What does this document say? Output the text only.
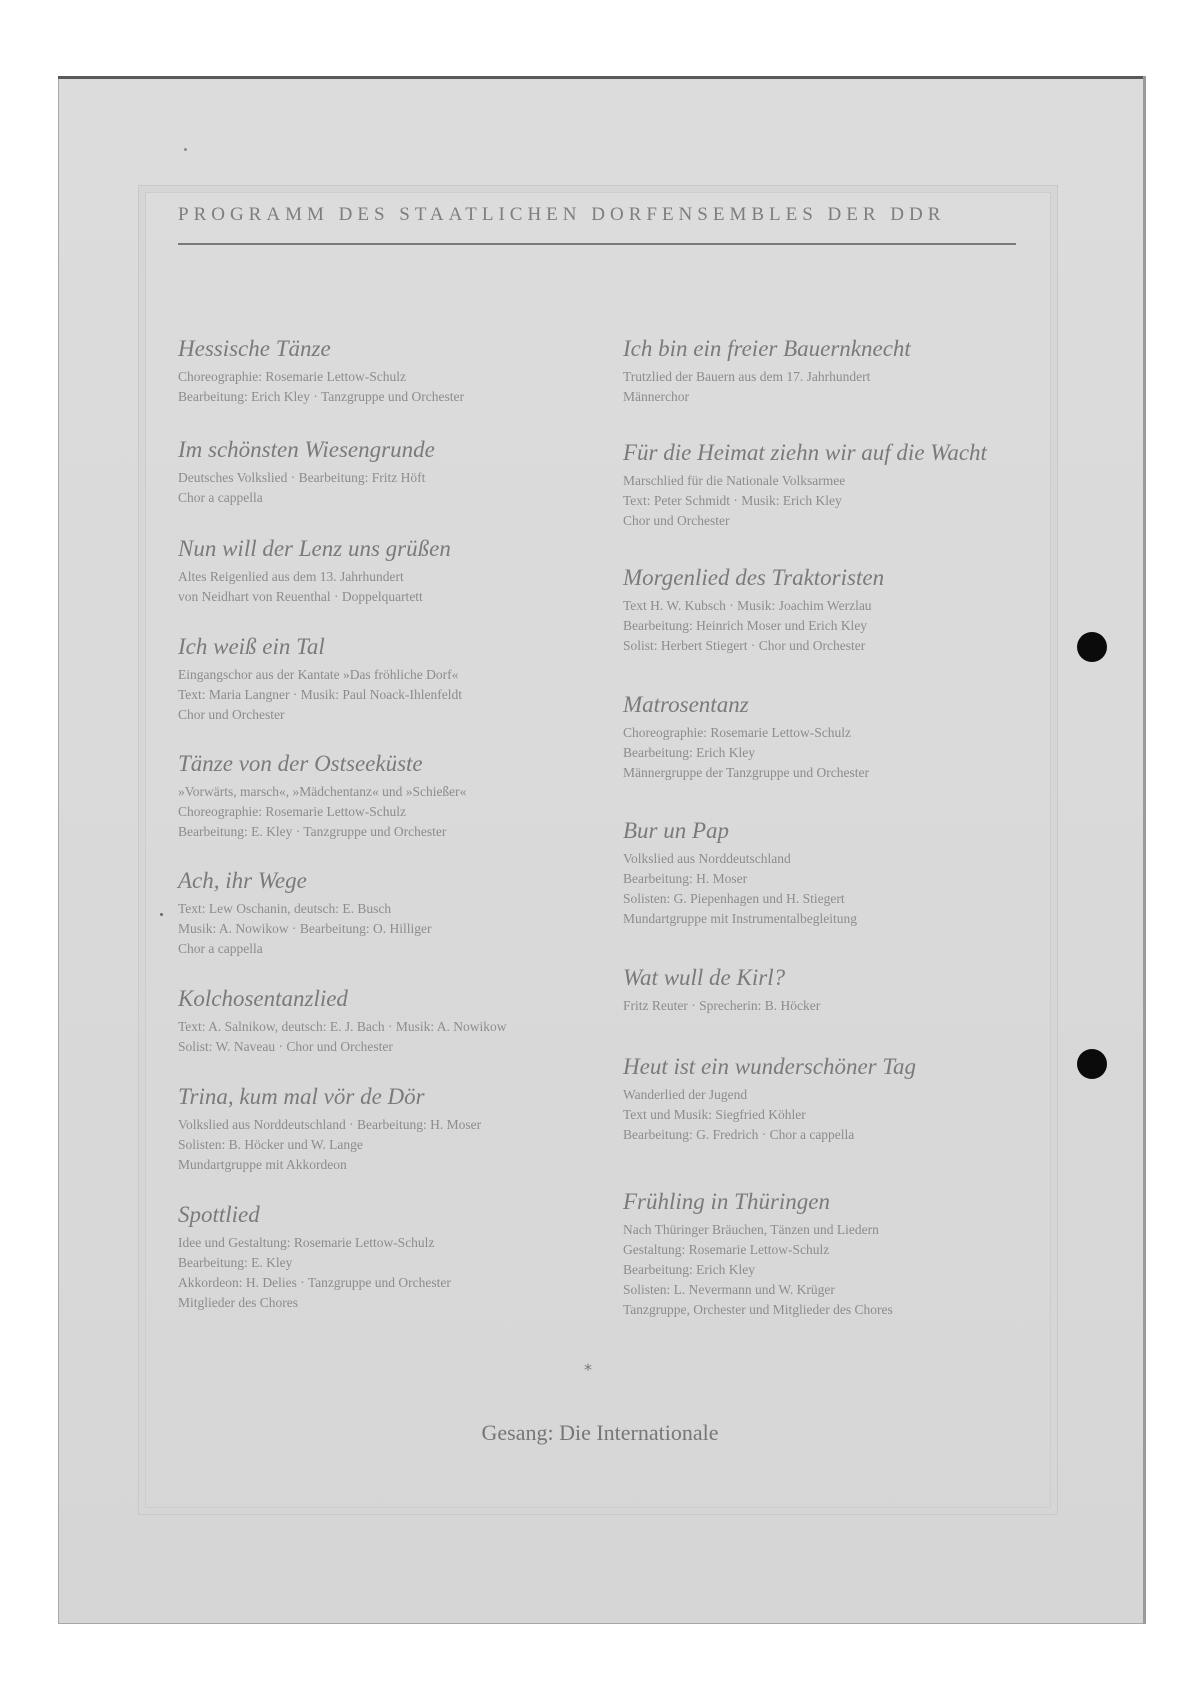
PROGRAMM DES STAATLICHEN DORFENSEMBLES DER DDR
Hessische Tänze
Choreographie: Rosemarie Lettow-Schulz
Bearbeitung: Erich Kley · Tanzgruppe und Orchester
Im schönsten Wiesengrunde
Deutsches Volkslied · Bearbeitung: Fritz Höft
Chor a cappella
Nun will der Lenz uns grüßen
Altes Reigenlied aus dem 13. Jahrhundert
von Neidhart von Reuenthal · Doppelquartett
Ich weiß ein Tal
Eingangschor aus der Kantate »Das fröhliche Dorf«
Text: Maria Langner · Musik: Paul Noack-Ihlenfeldt
Chor und Orchester
Tänze von der Ostseeküste
»Vorwärts, marsch«, »Mädchentanz« und »Schießer«
Choreographie: Rosemarie Lettow-Schulz
Bearbeitung: E. Kley · Tanzgruppe und Orchester
Ach, ihr Wege
Text: Lew Oschanin, deutsch: E. Busch
Musik: A. Nowikow · Bearbeitung: O. Hilliger
Chor a cappella
Kolchosentanzlied
Text: A. Salnikow, deutsch: E. J. Bach · Musik: A. Nowikow
Solist: W. Naveau · Chor und Orchester
Trina, kum mal vör de Dör
Volkslied aus Norddeutschland · Bearbeitung: H. Moser
Solisten: B. Höcker und W. Lange
Mundartgruppe mit Akkordeon
Spottlied
Idee und Gestaltung: Rosemarie Lettow-Schulz
Bearbeitung: E. Kley
Akkordeon: H. Delies · Tanzgruppe und Orchester
Mitglieder des Chores
Ich bin ein freier Bauernknecht
Trutzlied der Bauern aus dem 17. Jahrhundert
Männerchor
Für die Heimat ziehn wir auf die Wacht
Marschlied für die Nationale Volksarmee
Text: Peter Schmidt · Musik: Erich Kley
Chor und Orchester
Morgenlied des Traktoristen
Text H. W. Kubsch · Musik: Joachim Werzlau
Bearbeitung: Heinrich Moser und Erich Kley
Solist: Herbert Stiegert · Chor und Orchester
Matrosentanz
Choreographie: Rosemarie Lettow-Schulz
Bearbeitung: Erich Kley
Männergruppe der Tanzgruppe und Orchester
Bur un Pap
Volkslied aus Norddeutschland
Bearbeitung: H. Moser
Solisten: G. Piepenhagen und H. Stiegert
Mundartgruppe mit Instrumentalbegleitung
Wat wull de Kirl?
Fritz Reuter · Sprecherin: B. Höcker
Heut ist ein wunderschöner Tag
Wanderlied der Jugend
Text und Musik: Siegfried Köhler
Bearbeitung: G. Fredrich · Chor a cappella
Frühling in Thüringen
Nach Thüringer Bräuchen, Tänzen und Liedern
Gestaltung: Rosemarie Lettow-Schulz
Bearbeitung: Erich Kley
Solisten: L. Nevermann und W. Krüger
Tanzgruppe, Orchester und Mitglieder des Chores
*
Gesang: Die Internationale
